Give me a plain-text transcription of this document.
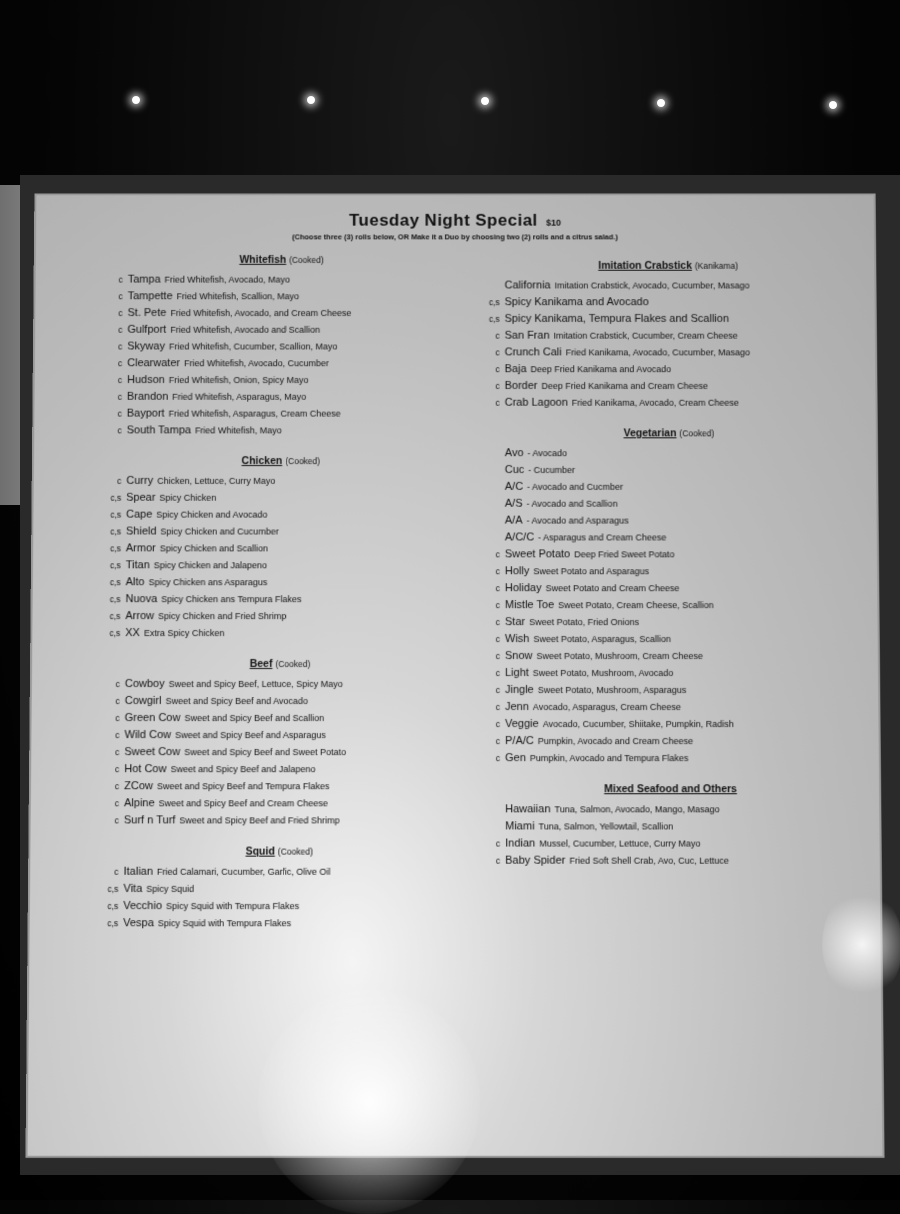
Tuesday Night Special $10
(Choose three (3) rolls below, OR Make it a Duo by choosing two (2) rolls and a citrus salad.)
Whitefish (Cooked)
c Tampa Fried Whitefish, Avocado, Mayo
c Tampette Fried Whitefish, Scallion, Mayo
c St. Pete Fried Whitefish, Avocado, and Cream Cheese
c Gulfport Fried Whitefish, Avocado and Scallion
c Skyway Fried Whitefish, Cucumber, Scallion, Mayo
c Clearwater Fried Whitefish, Avocado, Cucumber
c Hudson Fried Whitefish, Onion, Spicy Mayo
c Brandon Fried Whitefish, Asparagus, Mayo
c Bayport Fried Whitefish, Asparagus, Cream Cheese
c South Tampa Fried Whitefish, Mayo
Chicken (Cooked)
c Curry Chicken, Lettuce, Curry Mayo
c,s Spear Spicy Chicken
c,s Cape Spicy Chicken and Avocado
c,s Shield Spicy Chicken and Cucumber
c,s Armor Spicy Chicken and Scallion
c,s Titan Spicy Chicken and Jalapeno
c,s Alto Spicy Chicken ans Asparagus
c,s Nuova Spicy Chicken ans Tempura Flakes
c,s Arrow Spicy Chicken and Fried Shrimp
c,s XX Extra Spicy Chicken
Beef (Cooked)
c Cowboy Sweet and Spicy Beef, Lettuce, Spicy Mayo
c Cowgirl Sweet and Spicy Beef and Avocado
c Green Cow Sweet and Spicy Beef and Scallion
c Wild Cow Sweet and Spicy Beef and Asparagus
c Sweet Cow Sweet and Spicy Beef and Sweet Potato
c Hot Cow Sweet and Spicy Beef and Jalapeno
c ZCow Sweet and Spicy Beef and Tempura Flakes
c Alpine Sweet and Spicy Beef and Cream Cheese
c Surf n Turf Sweet and Spicy Beef and Fried Shrimp
Squid (Cooked)
c Italian Fried Calamari, Cucumber, Garlic, Olive Oil
c,s Vita Spicy Squid
c,s Vecchio Spicy Squid with Tempura Flakes
c,s Vespa Spicy Squid with Tempura Flakes
Imitation Crabstick (Kanikama)
California Imitation Crabstick, Avocado, Cucumber, Masago
c,s Spicy Kanikama and Avocado
c,s Spicy Kanikama, Tempura Flakes and Scallion
c San Fran Imitation Crabstick, Cucumber, Cream Cheese
c Crunch Cali Fried Kanikama, Avocado, Cucumber, Masago
c Baja Deep Fried Kanikama and Avocado
c Border Deep Fried Kanikama and Cream Cheese
c Crab Lagoon Fried Kanikama, Avocado, Cream Cheese
Vegetarian (Cooked)
Avo - Avocado
Cuc - Cucumber
A/C - Avocado and Cucmber
A/S - Avocado and Scallion
A/A - Avocado and Asparagus
A/C/C - Asparagus and Cream Cheese
c Sweet Potato Deep Fried Sweet Potato
c Holly Sweet Potato and Asparagus
c Holiday Sweet Potato and Cream Cheese
c Mistle Toe Sweet Potato, Cream Cheese, Scallion
c Star Sweet Potato, Fried Onions
c Wish Sweet Potato, Asparagus, Scallion
c Snow Sweet Potato, Mushroom, Cream Cheese
c Light Sweet Potato, Mushroom, Avocado
c Jingle Sweet Potato, Mushroom, Asparagus
c Jenn Avocado, Asparagus, Cream Cheese
c Veggie Avocado, Cucumber, Shiitake, Pumpkin, Radish
c P/A/C Pumpkin, Avocado and Cream Cheese
c Gen Pumpkin, Avocado and Tempura Flakes
Mixed Seafood and Others
Hawaiian Tuna, Salmon, Avocado, Mango, Masago
Miami Tuna, Salmon, Yellowtail, Scallion
c Indian Mussel, Cucumber, Lettuce, Curry Mayo
c Baby Spider Fried Soft Shell Crab, Avo, Cuc, Lettuce
